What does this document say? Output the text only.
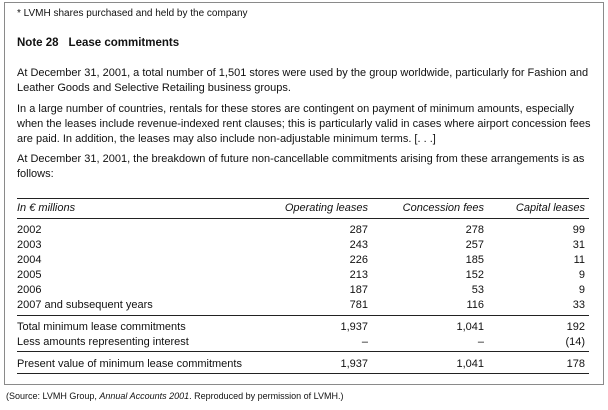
* LVMH shares purchased and held by the company
Note 28 Lease commitments
At December 31, 2001, a total number of 1,501 stores were used by the group worldwide, particularly for Fashion and Leather Goods and Selective Retailing business groups.
In a large number of countries, rentals for these stores are contingent on payment of minimum amounts, especially when the leases include revenue-indexed rent clauses; this is particularly valid in cases where airport concession fees are paid. In addition, the leases may also include non-adjustable minimum terms. [. . .]
At December 31, 2001, the breakdown of future non-cancellable commitments arising from these arrangements is as follows:
In € millions	Operating leases	Concession fees	Capital leases
2002	287	278	99
2003	243	257	31
2004	226	185	11
2005	213	152	9
2006	187	53	9
2007 and subsequent years	781	116	33
Total minimum lease commitments	1,937	1,041	192
Less amounts representing interest	–	–	(14)
Present value of minimum lease commitments	1,937	1,041	178
(Source: LVMH Group, Annual Accounts 2001. Reproduced by permission of LVMH.)
